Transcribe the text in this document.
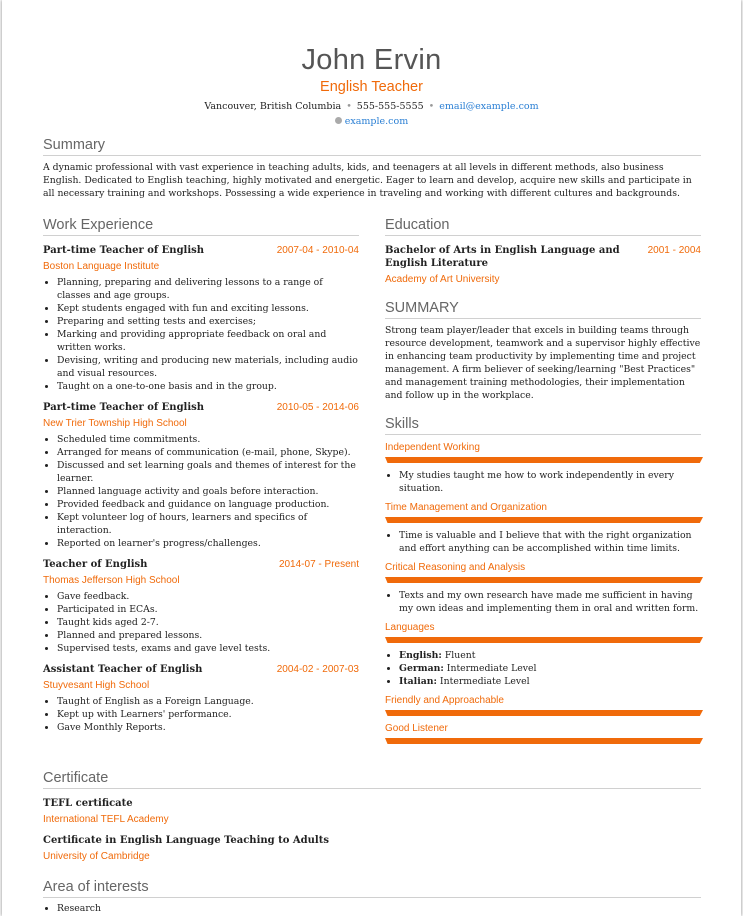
John Ervin
English Teacher
Vancouver, British Columbia • 555-555-5555 • email@example.com
example.com
Summary
A dynamic professional with vast experience in teaching adults, kids, and teenagers at all levels in different methods, also business English. Dedicated to English teaching, highly motivated and energetic. Eager to learn and develop, acquire new skills and participate in all necessary training and workshops. Possessing a wide experience in traveling and working with different cultures and backgrounds.
Work Experience
Part-time Teacher of English	2007-04 - 2010-04
Boston Language Institute
• Planning, preparing and delivering lessons to a range of classes and age groups.
• Kept students engaged with fun and exciting lessons.
• Preparing and setting tests and exercises;
• Marking and providing appropriate feedback on oral and written works.
• Devising, writing and producing new materials, including audio and visual resources.
• Taught on a one-to-one basis and in the group.
Part-time Teacher of English	2010-05 - 2014-06
New Trier Township High School
• Scheduled time commitments.
• Arranged for means of communication (e-mail, phone, Skype).
• Discussed and set learning goals and themes of interest for the learner.
• Planned language activity and goals before interaction.
• Provided feedback and guidance on language production.
• Kept volunteer log of hours, learners and specifics of interaction.
• Reported on learner's progress/challenges.
Teacher of English	2014-07 - Present
Thomas Jefferson High School
• Gave feedback.
• Participated in ECAs.
• Taught kids aged 2-7.
• Planned and prepared lessons.
• Supervised tests, exams and gave level tests.
Assistant Teacher of English	2004-02 - 2007-03
Stuyvesant High School
• Taught of English as a Foreign Language.
• Kept up with Learners' performance.
• Gave Monthly Reports.
Education
Bachelor of Arts in English Language and English Literature
2001 - 2004
Academy of Art University
SUMMARY
Strong team player/leader that excels in building teams through resource development, teamwork and a supervisor highly effective in enhancing team productivity by implementing time and project management. A firm believer of seeking/learning "Best Practices" and management training methodologies, their implementation and follow up in the workplace.
Skills
Independent Working
• My studies taught me how to work independently in every situation.
Time Management and Organization
• Time is valuable and I believe that with the right organization and effort anything can be accomplished within time limits.
Critical Reasoning and Analysis
• Texts and my own research have made me sufficient in having my own ideas and implementing them in oral and written form.
Languages
• English: Fluent
• German: Intermediate Level
• Italian: Intermediate Level
Friendly and Approachable
Good Listener
Certificate
TEFL certificate
International TEFL Academy
Certificate in English Language Teaching to Adults
University of Cambridge
Area of interests
• Research
